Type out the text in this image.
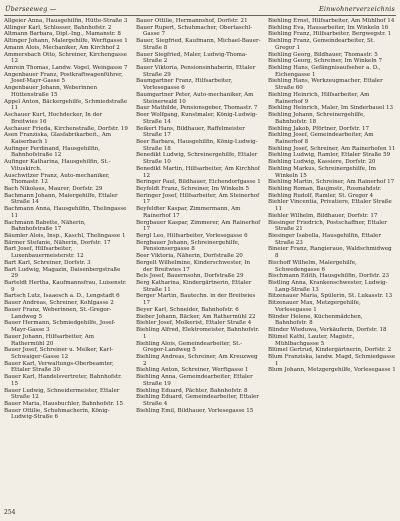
Überseeweg —	Einwohnerverzeichnis

Allgeier Anna, Hausgehilfin, Hütte-Straße 3

Allinger Karl, Schlosser, Bahnhofstr. 2

Altmann Barbara, Dipl.-Ing., Mamanstr. 8

Altinger Johann, Malergehilfe, Werftgasse 1

Amann Alois, Mechaniker, Am Kirchhof 2

Ammersbach Otto, Schreiner, Kirchengasse 12

Amrein Thomas, Landw. Vogel, Weingasse 7

Angenbauer Franz, Postkraftwagenführer, Josef-Mayr-Gasse 5

Angenbauer Johann, Weberinnen Hüttenstraße 15

Appel Anton, Bäckergehilfe, Schmiedstraße 11

Aschauer Kurt, Hochdecker, In der Breitwies 16

Aschauer Frieda, Kirchenstraße, Dorfstr. 19

Asen Franziska, Glasfabrikarbeit., Am Kaiserbach 1

Aufinger Ferdinand, Hausgehilfin, Bahnhofstraße 12

Aufinger Katharina, Hausgehilfin, St.-Vituskirch.

Auschwitzer Franz, Auto-mechaniker, Thomastr. 12

Bach Nikolaus, Maurer, Dorfstr. 29

Bachmann Johann, Malergehilfe, Ettaler Straße 14

Bachmann Anna, Hausgehilfin, Thelingasse 11

Bachmann Babette, Näherin, Bahnhofstraße 17

Bäumler Alois, Insp., Kaschl, Thelingasse 1

Bärmer Stefanie, Näherin, Dorfstr. 17

Bart Josef, Hilfsarbeiter, Luxenbauermeisterstr. 12

Bart Karl, Schreiner, Dorfstr. 3

Bart Ludwig, Magazin, Daisenbergstraße 29

Barteldt Hertha, Kaufmannsfrau, Luisenstr. 9

Bartsch Lutz, Isaaesch a. D., Lengstadt 6

Bauer Andreas, Schreiner, Kohlgasse 2

Bauer Franz, Weberinnen, St.-Gregor-Landweg 5

Bauer Hermann, Schmiedgehilfe, Josef-Mayr-Gasse 3

Bauer Johann, Hilfsarbeiter, Am Rathermühl 20

Bauer Josef, Schreiner u. Melker, Karl-Schwaiger-Gasse 12

Bauer Karl, Verwaltungs-Oberbeamter, Ettaler Straße 30

Bauer Karl, Handelsvertreter, Bahnhofstr. 15

Bauer Ludwig, Schneidermeister, Ettaler Straße 12

Bauer Maria, Hausbuchler, Bahnhofstr. 15

Bauer Ottilie, Schuhmacherin, König-Ludwig-Straße 6

Bauer Ottilie, Hermannshof, Dorfstr. 21

Bauer Rupert, Schuhmacher, Obertaschl-Gasse 7

Bauer, Siegfried, Kaufmann, Michael-Bauer-Straße 8

Bauer Siegfried, Maler, Ludwig-Thoma-Straße 2

Bauer Viktoria, Pensionsinhaberin, Ettaler Straße 29

Baumgartner Franz, Hilfsarbeiter, Vorlesegasse 6

Baumgartner Peter, Auto-mechaniker, Am Steinerwald 10

Baur Mathilde, Pensionsgeber, Thomastr. 7

Beer Wolfgang, Kunstmaler, König-Ludwig-Straße 14

Beikert Hans, Bildhauer, Raffelmeister Straße 17

Beer Barbara, Hausgehilfin, König-Ludwig-Straße 18

Benedikt Ludwig, Schreinergehilfe, Ettaler Straße 10

Benedikt Martin, Hilfsarbeiter, Am Kirchhof 12

Beringer Paul, Bildhauer, Eichendorfgasse 1

Beyfeldt Franz, Schreiner, Im Winkeln 5

Beringer Josef, Hilfsarbeiter, Am Steinerhof 17

Beyfeldter Kaspar, Zimmermann, Am Rainerhof 17

Bergbauer Kaspar, Zimmerer, Am Rainerhof 17

Bergl Leo, Hilfsarbeiter, Vorlesegasse 6

Bergbauer Johann, Schreinergehilfe, Pensionsergasse 8

Beer Viktoria, Näherin, Dorfstraße 20

Bergelt Wilhelmine, Kinderschwester, In der Breitwies 17

Bels Josef, Bauernsohn, Dorfstraße 29

Berg Katharina, Kindergärtnerin, Ettaler Straße 11

Berger Martin, Bautechn. in der Breitwies 17

Beyer Karl, Schneider, Bahnhofstr. 6

Bieber Johann, Bäcker, Am Rathermühl 22

Biehler Josef, Molkerist, Ettaler Straße 4

Biehling Alfred, Elektromeister, Bahnhofstr. 1

Biehling Alois, Gemeindearbeiter, St.-Gregor-Landweg 5

Biehling Andreas, Schreiner, Am Kreuzweg 2

Biehling Anton, Schreiner, Werftgasse 1

Biehling Anna, Gemeindearbeiter, Ettaler Straße 19

Biehling Eduard, Pächter, Bahnhofstr. 8

Biehling Eduard, Gemeindearbeiter, Ettaler Straße 4

Biehling Emil, Bildhauer, Vorlesegasse 15

Biehling Ernst, Hilfsarbeiter, Am Mühlhof 14

Biehling Eva, Hausarbeiter, Im Winkeln 16

Biehling Franz, Hilfsarbeiter, Bergwegstr. 1

Biehling Franz, Gemeindearbeiter, St. Gregor 1

Biehling Georg, Bildhauer, Thomastr. 5

Biehling Georg, Schreiner, Im Winkeln 7

Biehling Hans, Gefängnisaufseher a. D., Eichengasse 1

Biehling Hans, Werkzeugmacher, Ettaler Straße 60

Biehling Heinrich, Hilfsarbeiter, Am Rainerhof 9

Biehling Heinrich, Maler, Im Sinderbauel 13

Biehling Johann, Schreinergehilfe, Bahnhofstr. 18

Biehling Jakob, Pförtner, Dorfstr. 17

Biehling Josef, Gemeindearbeiter, Am Rainerhof 8

Biehling Josef, Schreiner, Am Rainerhofen 11

Biehling Ludwig, Ramler, Ettaler Straße 59

Biehling Ludwig, Kassiere, Dorfstr. 20

Biehling Markus, Schreinergehilfe, Im Winkeln 15

Biehling Martin, Schreiner, Am Rainerhof 17

Biehling Roman, Baujmstr., Rosmahdstr.

Biehling Rudolf, Ramler, St. Gregor 4

Biehler Vincentia, Privatiere, Ettaler Straße 11

Biehler Wilhelm, Bildhauer, Dorfstr. 17

Biesinger Friedrich, Postschaffner, Ettaler Straße 21

Biesinger Isabella, Hausgehilfin, Ettaler Straße 23

Bineier Franz, Rangieraue, Waldschmidweg 8

Bischoff Wilhelm, Malergehilfe, Schwedengasse 6

Bischmann Edith, Hausgehilfin, Dorfstr. 23

Bistling Anna, Krankenschwester, Ludwig-Lang-Straße 13

Bitzenauer Maria, Spülerin, St. Lukasstr. 13

Bitzenauer Max, Metzgergehilfe, Vorlesegasse 1

Blinder Helene, Küchenmädchen, Bahnhofstr. 8

Blinder Wieduwa, Verkäuferin, Dorfstr. 18

Blümel Kathi, Lauter, Magistr., Mühlbachgasse 5

Blümel Gertrud, Kindergärtnerin, Dorfstr. 2

Blum Franziska, landw. Magd, Schmiedgasse 1

Blum Johann, Metzgergehilfe, Vorlesegasse 1

254
